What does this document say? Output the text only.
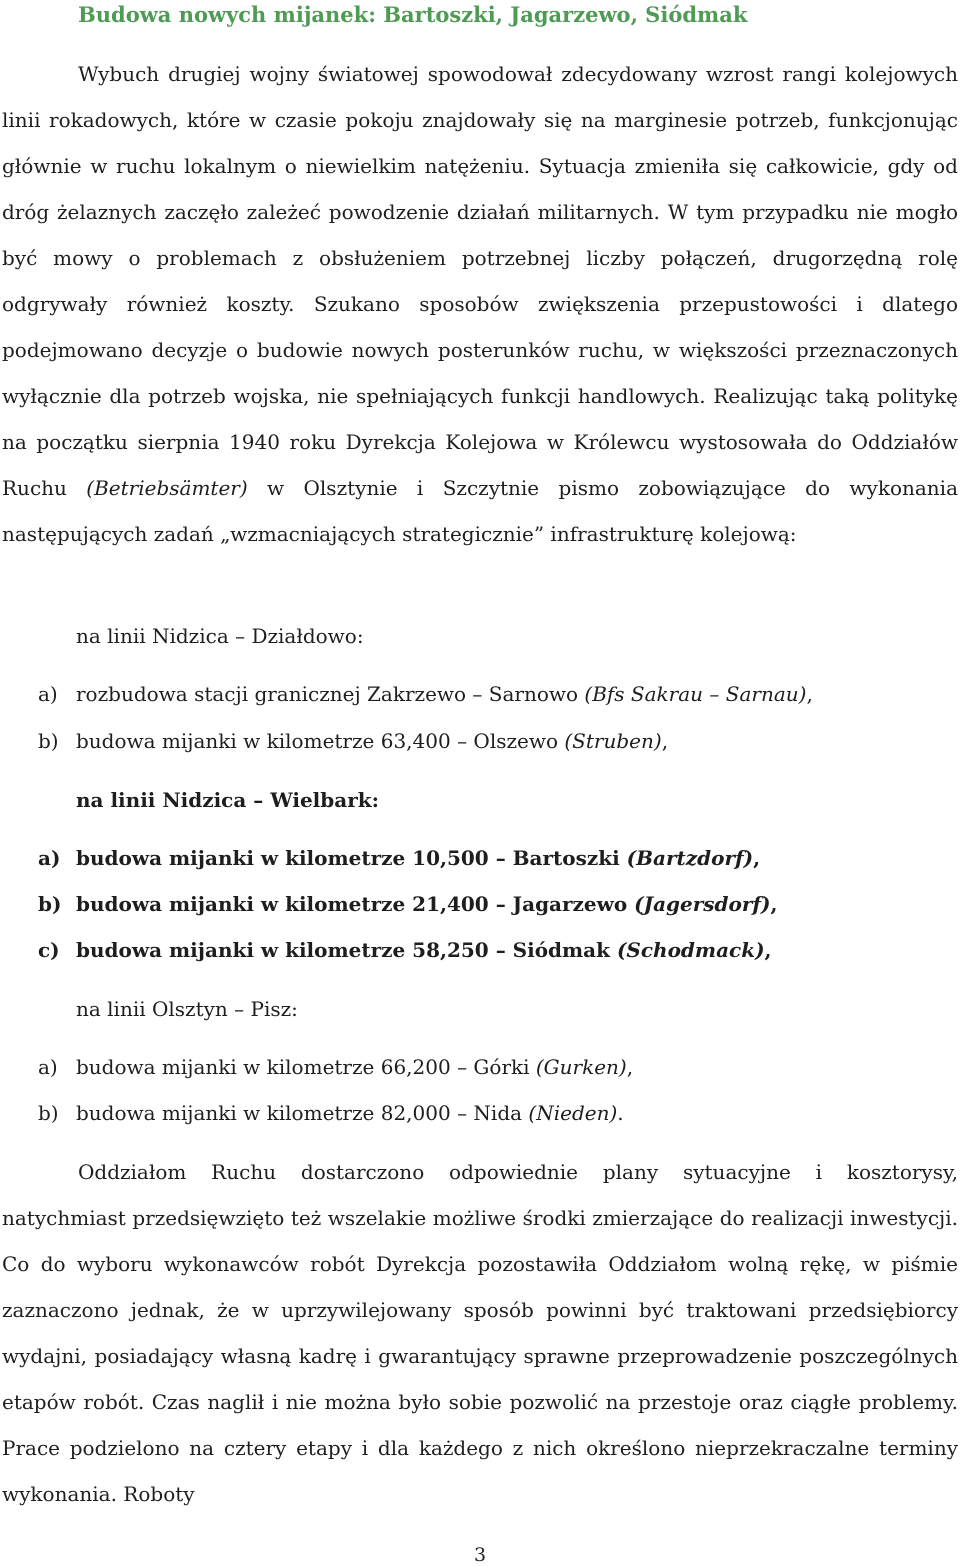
Budowa nowych mijanek: Bartoszki, Jagarzewo, Siódmak

Wybuch drugiej wojny światowej spowodował zdecydowany wzrost rangi kolejowych linii rokadowych, które w czasie pokoju znajdowały się na marginesie potrzeb, funkcjonując głównie w ruchu lokalnym o niewielkim natężeniu. Sytuacja zmieniła się całkowicie, gdy od dróg żelaznych zaczęło zależeć powodzenie działań militarnych. W tym przypadku nie mogło być mowy o problemach z obsłużeniem potrzebnej liczby połączeń, drugorzędną rolę odgrywały również koszty. Szukano sposobów zwiększenia przepustowości i dlatego podejmowano decyzje o budowie nowych posterunków ruchu, w większości przeznaczonych wyłącznie dla potrzeb wojska, nie spełniających funkcji handlowych. Realizując taką politykę na początku sierpnia 1940 roku Dyrekcja Kolejowa w Królewcu wystosowała do Oddziałów Ruchu (Betriebsämter) w Olsztynie i Szczytnie pismo zobowiązujące do wykonania następujących zadań „wzmacniających strategicznie” infrastrukturę kolejową:

na linii Nidzica – Działdowo:
a) rozbudowa stacji granicznej Zakrzewo – Sarnowo (Bfs Sakrau – Sarnau),
b) budowa mijanki w kilometrze 63,400 – Olszewo (Struben),
na linii Nidzica – Wielbark:
a) budowa mijanki w kilometrze 10,500 – Bartoszki (Bartzdorf),
b) budowa mijanki w kilometrze 21,400 – Jagarzewo (Jagersdorf),
c) budowa mijanki w kilometrze 58,250 – Siódmak (Schodmack),
na linii Olsztyn – Pisz:
a) budowa mijanki w kilometrze 66,200 – Górki (Gurken),
b) budowa mijanki w kilometrze 82,000 – Nida (Nieden).

Oddziałom Ruchu dostarczono odpowiednie plany sytuacyjne i kosztorysy, natychmiast przedsięwzięto też wszelakie możliwe środki zmierzające do realizacji inwestycji. Co do wyboru wykonawców robót Dyrekcja pozostawiła Oddziałom wolną rękę, w piśmie zaznaczono jednak, że w uprzywilejowany sposób powinni być traktowani przedsiębiorcy wydajni, posiadający własną kadrę i gwarantujący sprawne przeprowadzenie poszczególnych etapów robót. Czas naglił i nie można było sobie pozwolić na przestoje oraz ciągłe problemy. Prace podzielono na cztery etapy i dla każdego z nich określono nieprzekraczalne terminy wykonania. Roboty

3
